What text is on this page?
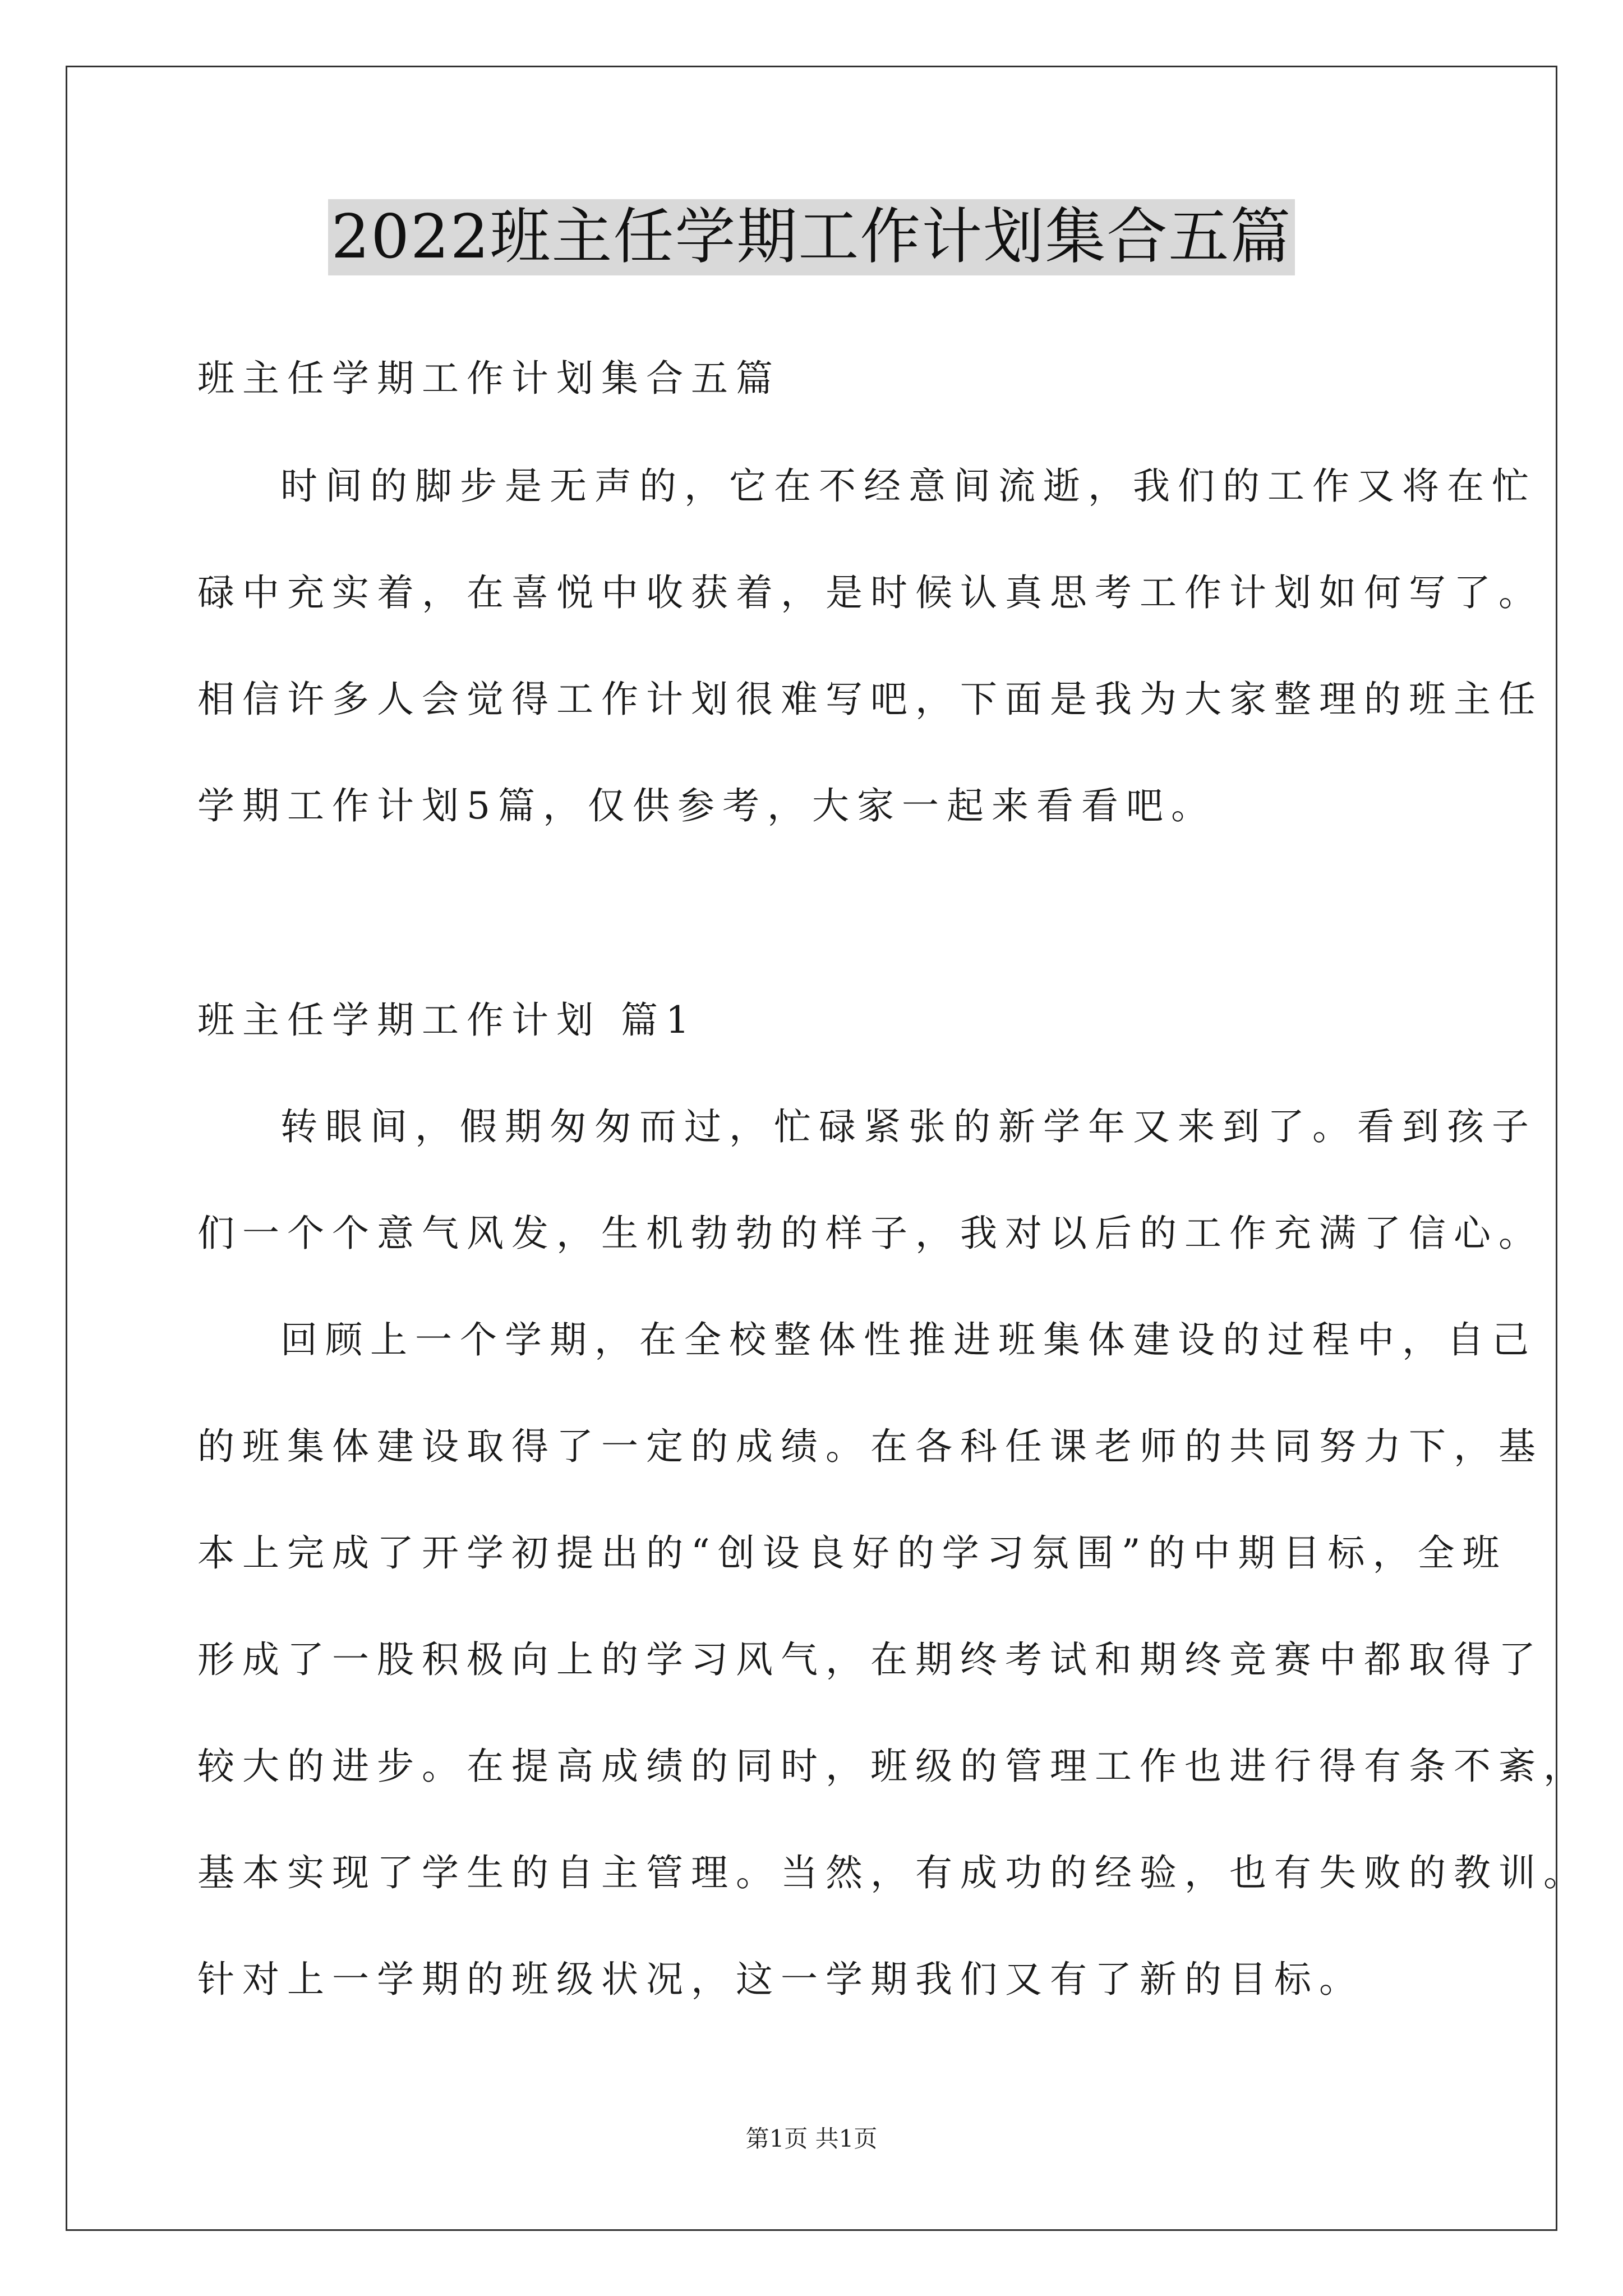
2022班主任学期工作计划集合五篇
班主任学期工作计划集合五篇
时间的脚步是无声的，它在不经意间流逝，我们的工作又将在忙
碌中充实着，在喜悦中收获着，是时候认真思考工作计划如何写了。
相信许多人会觉得工作计划很难写吧，下面是我为大家整理的班主任
学期工作计划5篇，仅供参考，大家一起来看看吧。
班主任学期工作计划 篇1
转眼间，假期匆匆而过，忙碌紧张的新学年又来到了。看到孩子
们一个个意气风发，生机勃勃的样子，我对以后的工作充满了信心。
回顾上一个学期，在全校整体性推进班集体建设的过程中，自己
的班集体建设取得了一定的成绩。在各科任课老师的共同努力下，基
本上完成了开学初提出的“创设良好的学习氛围”的中期目标，全班
形成了一股积极向上的学习风气，在期终考试和期终竞赛中都取得了
较大的进步。在提高成绩的同时，班级的管理工作也进行得有条不紊，
基本实现了学生的自主管理。当然，有成功的经验，也有失败的教训。
针对上一学期的班级状况，这一学期我们又有了新的目标。
第1页 共1页
